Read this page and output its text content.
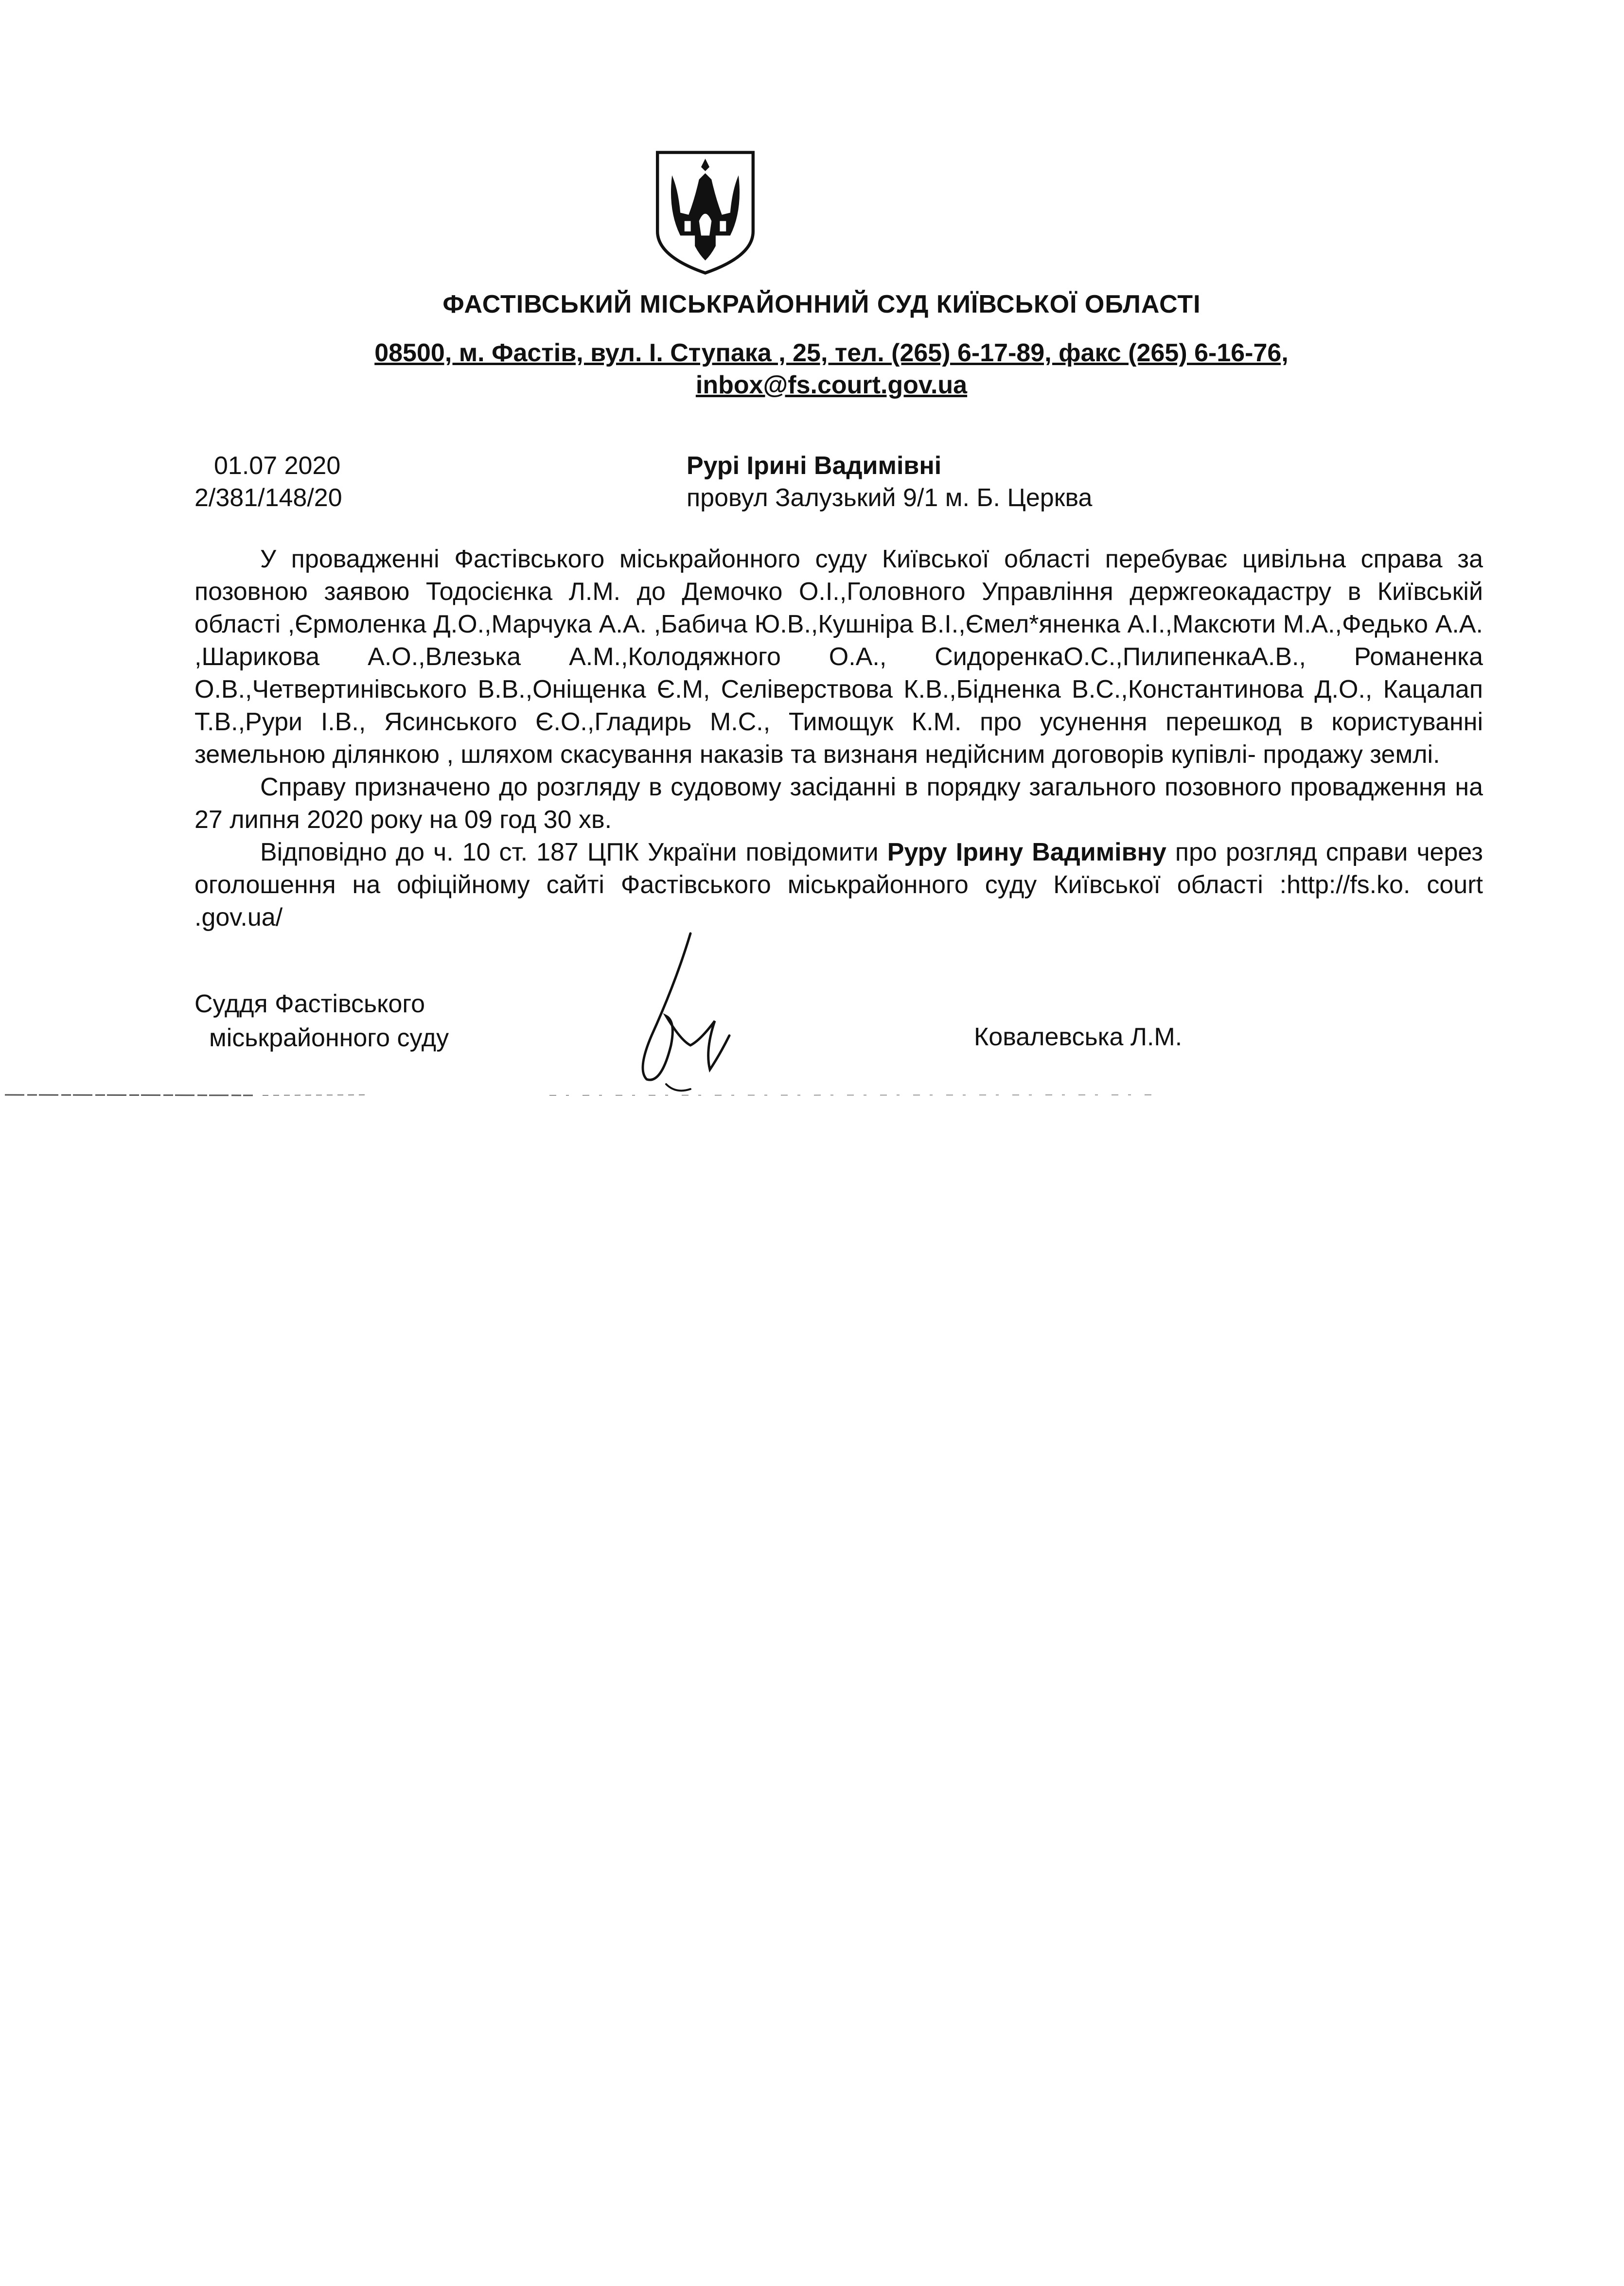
ФАСТІВСЬКИЙ МІСЬКРАЙОННИЙ СУД КИЇВСЬКОЇ ОБЛАСТІ
08500, м. Фастів, вул. І. Ступака , 25, тел. (265) 6-17-89, факс (265) 6-16-76,
inbox@fs.court.gov.ua
01.07 2020
2/381/148/20
Рурі Ірині Вадимівні
провул Залузький 9/1 м. Б. Церква

У провадженні Фастівського міськрайонного суду Київської області перебуває цивільна справа за позовною заявою Тодосієнка Л.М. до Демочко О.І.,Головного Управління держгеокадастру в Київській області ,Єрмоленка Д.О.,Марчука А.А. ,Бабича Ю.В.,Кушніра В.І.,Ємел*яненка А.І.,Максюти М.А.,Федько А.А. ,Шарикова А.О.,Влезька А.М.,Колодяжного О.А., СидоренкаО.С.,ПилипенкаА.В., Романенка О.В.,Четвертинівського В.В.,Оніщенка Є.М, Селіверствова К.В.,Бідненка В.С.,Константинова Д.О., Кацалап Т.В.,Рури І.В., Ясинського Є.О.,Гладирь М.С., Тимощук К.М. про усунення перешкод в користуванні земельною ділянкою , шляхом скасування наказів та визнаня недійсним договорів купівлі- продажу землі.

Справу призначено до розгляду в судовому засіданні в порядку загального позовного провадження на 27 липня 2020 року на 09 год 30 хв.

Відповідно до ч. 10 ст. 187 ЦПК України повідомити Руру Ірину Вадимівну про розгляд справи через оголошення на офіційному сайті Фастівського міськрайонного суду Київської області :http://fs.ko. court .gov.ua/

Суддя Фастівського
міськрайонного суду	Ковалевська Л.М.
